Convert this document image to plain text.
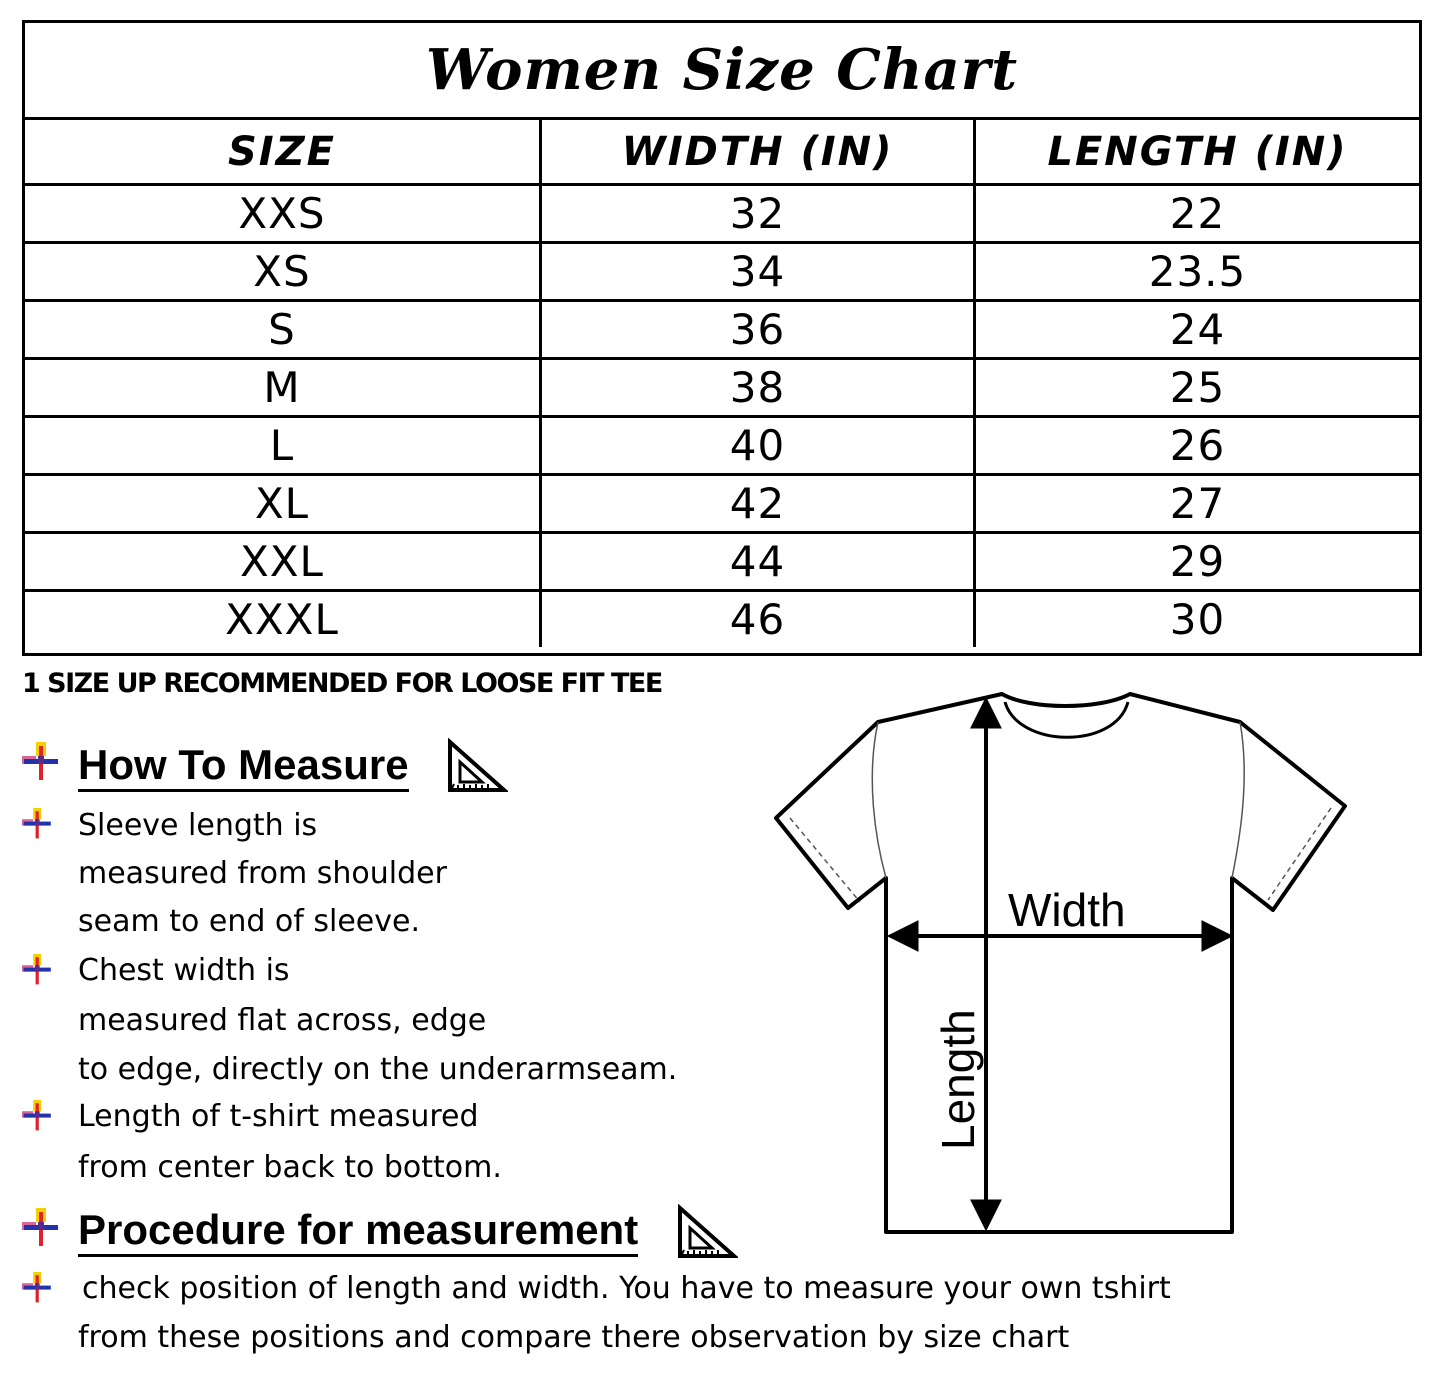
Women Size Chart
SIZE	WIDTH (IN)	LENGTH (IN)
XXS	32	22
XS	34	23.5
S	36	24
M	38	25
L	40	26
XL	42	27
XXL	44	29
XXXL	46	30
1 SIZE UP RECOMMENDED FOR LOOSE FIT TEE
How To Measure
Sleeve length is
measured from shoulder
seam to end of sleeve.
Chest width is
measured flat across, edge
to edge, directly on the underarmseam.
Length of t-shirt measured
from center back to bottom.
Procedure for measurement
check position of length and width. You have to measure your own tshirt
from these positions and compare there observation by size chart
Width
Length
